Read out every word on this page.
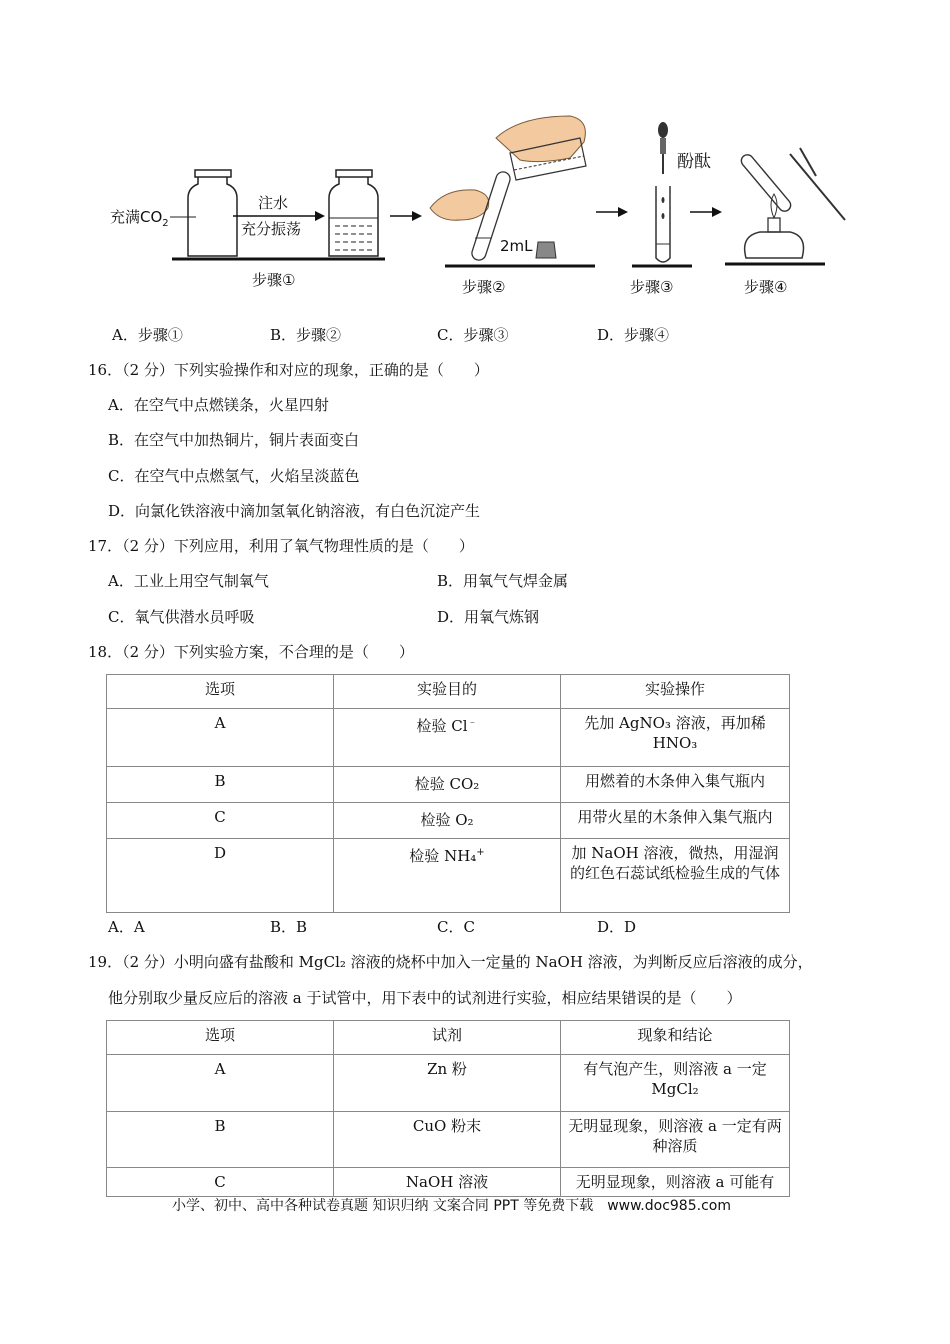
充满$CO_2$
注水
充分振荡
2mL
酚酞
步骤①	步骤②	步骤③	步骤④
A．步骤①	B．步骤②	C．步骤③	D．步骤④
16．（2 分）下列实验操作和对应的现象，正确的是（　　）
A．在空气中点燃镁条，火星四射
B．在空气中加热铜片，铜片表面变白
C．在空气中点燃氢气，火焰呈淡蓝色
D．向氯化铁溶液中滴加氢氧化钠溶液，有白色沉淀产生
17．（2 分）下列应用，利用了氧气物理性质的是（　　）
A．工业上用空气制氧气	B．用氧气气焊金属
C．氧气供潜水员呼吸	D．用氧气炼钢
18．（2 分）下列实验方案，不合理的是（　　）
选项	实验目的	实验操作
A	检验 Cl﹣	先加 AgNO₃ 溶液，再加稀 HNO₃
B	检验 CO₂	用燃着的木条伸入集气瓶内
C	检验 O₂	用带火星的木条伸入集气瓶内
D	检验 NH₄+	加 NaOH 溶液，微热，用湿润的红色石蕊试纸检验生成的气体
A．A	B．B	C．C	D．D
19．（2 分）小明向盛有盐酸和 MgCl₂ 溶液的烧杯中加入一定量的 NaOH 溶液，为判断反应后溶液的成分，
他分别取少量反应后的溶液 a 于试管中，用下表中的试剂进行实验，相应结果错误的是（　　）
选项	试剂	现象和结论
A	Zn 粉	有气泡产生，则溶液 a 一定 MgCl₂
B	CuO 粉末	无明显现象，则溶液 a 一定有两种溶质
C	NaOH 溶液	无明显现象，则溶液 a 可能有
小学、初中、高中各种试卷真题 知识归纳 文案合同 PPT 等免费下载　www.doc985.com
